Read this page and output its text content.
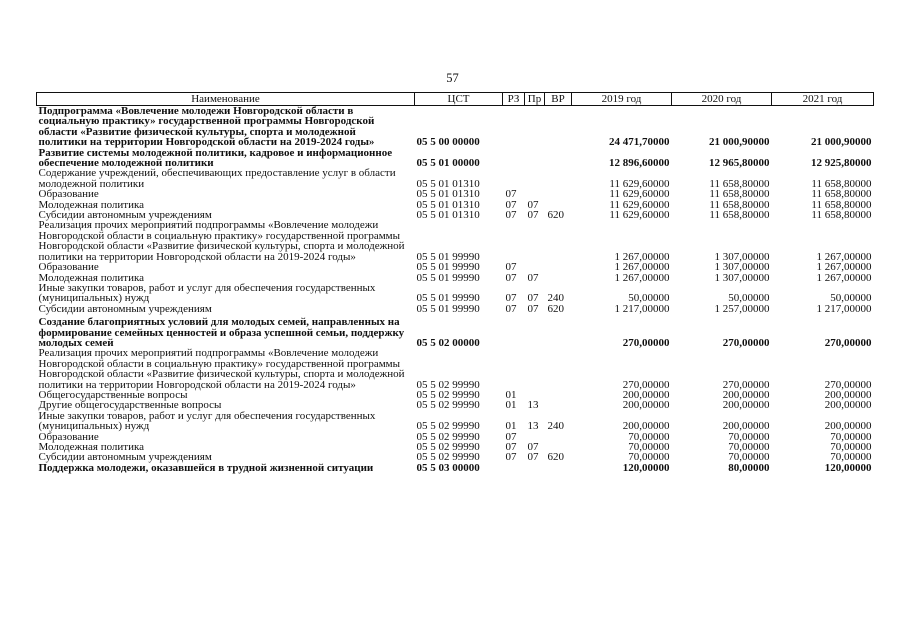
57
Наименование	ЦСТ	РЗ	Пр	ВР	2019 год	2020 год	2021 год
Подпрограмма «Вовлечение молодежи Новгородской области в социальную практику» государственной программы Новгородской области «Развитие физической культуры, спорта и молодежной политики на территории Новгородской области на 2019-2024 годы»	05 5 00 00000				24 471,70000	21 000,90000	21 000,90000
Развитие системы молодежной политики, кадровое и информационное обеспечение молодежной политики	05 5 01 00000				12 896,60000	12 965,80000	12 925,80000
Содержание учреждений, обеспечивающих предоставление услуг в области молодежной политики	05 5 01 01310				11 629,60000	11 658,80000	11 658,80000
Образование	05 5 01 01310	07			11 629,60000	11 658,80000	11 658,80000
Молодежная политика	05 5 01 01310	07	07		11 629,60000	11 658,80000	11 658,80000
Субсидии автономным учреждениям	05 5 01 01310	07	07	620	11 629,60000	11 658,80000	11 658,80000
Реализация прочих мероприятий подпрограммы «Вовлечение молодежи Новгородской области в социальную практику» государственной программы Новгородской области «Развитие физической культуры, спорта и молодежной политики на территории Новгородской области на 2019-2024 годы»	05 5 01 99990				1 267,00000	1 307,00000	1 267,00000
Образование	05 5 01 99990	07			1 267,00000	1 307,00000	1 267,00000
Молодежная политика	05 5 01 99990	07	07		1 267,00000	1 307,00000	1 267,00000
Иные закупки товаров, работ и услуг для обеспечения государственных (муниципальных) нужд	05 5 01 99990	07	07	240	50,00000	50,00000	50,00000
Субсидии автономным учреждениям	05 5 01 99990	07	07	620	1 217,00000	1 257,00000	1 217,00000
Создание благоприятных условий для молодых семей, направленных на формирование семейных ценностей и образа успешной семьи, поддержку молодых семей	05 5 02 00000				270,00000	270,00000	270,00000
Реализация прочих мероприятий подпрограммы «Вовлечение молодежи Новгородской области в социальную практику» государственной программы Новгородской области «Развитие физической культуры, спорта и молодежной политики на территории Новгородской области на 2019-2024 годы»	05 5 02 99990				270,00000	270,00000	270,00000
Общегосударственные вопросы	05 5 02 99990	01			200,00000	200,00000	200,00000
Другие общегосударственные вопросы	05 5 02 99990	01	13		200,00000	200,00000	200,00000
Иные закупки товаров, работ и услуг для обеспечения государственных (муниципальных) нужд	05 5 02 99990	01	13	240	200,00000	200,00000	200,00000
Образование	05 5 02 99990	07			70,00000	70,00000	70,00000
Молодежная политика	05 5 02 99990	07	07		70,00000	70,00000	70,00000
Субсидии автономным учреждениям	05 5 02 99990	07	07	620	70,00000	70,00000	70,00000
Поддержка молодежи, оказавшейся в трудной жизненной ситуации	05 5 03 00000				120,00000	80,00000	120,00000
